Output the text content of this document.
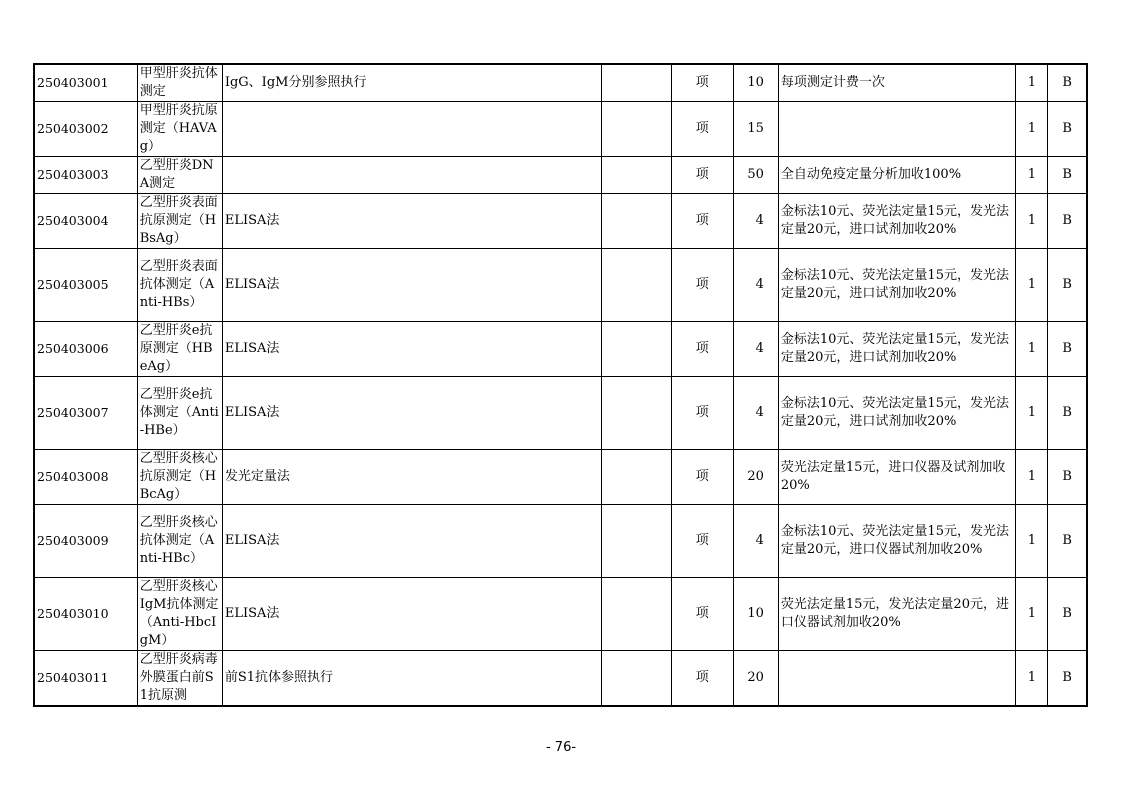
250403001	甲型肝炎抗体测定	IgG、IgM分别参照执行		项	10	每项测定计费一次	1	B
250403002	甲型肝炎抗原测定（HAVAg）			项	15		1	B
250403003	乙型肝炎DNA测定			项	50	全自动免疫定量分析加收100%	1	B
250403004	乙型肝炎表面抗原测定（HBsAg）	ELISA法		项	4	金标法10元、荧光法定量15元，发光法定量20元，进口试剂加收20%	1	B
250403005	乙型肝炎表面抗体测定（Anti-HBs）	ELISA法		项	4	金标法10元、荧光法定量15元，发光法定量20元，进口试剂加收20%	1	B
250403006	乙型肝炎e抗原测定（HBeAg）	ELISA法		项	4	金标法10元、荧光法定量15元，发光法定量20元，进口试剂加收20%	1	B
250403007	乙型肝炎e抗体测定（Anti-HBe）	ELISA法		项	4	金标法10元、荧光法定量15元，发光法定量20元，进口试剂加收20%	1	B
250403008	乙型肝炎核心抗原测定（HBcAg）	发光定量法		项	20	荧光法定量15元，进口仪器及试剂加收20%	1	B
250403009	乙型肝炎核心抗体测定（Anti-HBc）	ELISA法		项	4	金标法10元、荧光法定量15元，发光法定量20元，进口仪器试剂加收20%	1	B
250403010	乙型肝炎核心IgM抗体测定（Anti-HbcIgM）	ELISA法		项	10	荧光法定量15元，发光法定量20元，进口仪器试剂加收20%	1	B
250403011	乙型肝炎病毒外膜蛋白前S1抗原测	前S1抗体参照执行		项	20		1	B
- 76-
